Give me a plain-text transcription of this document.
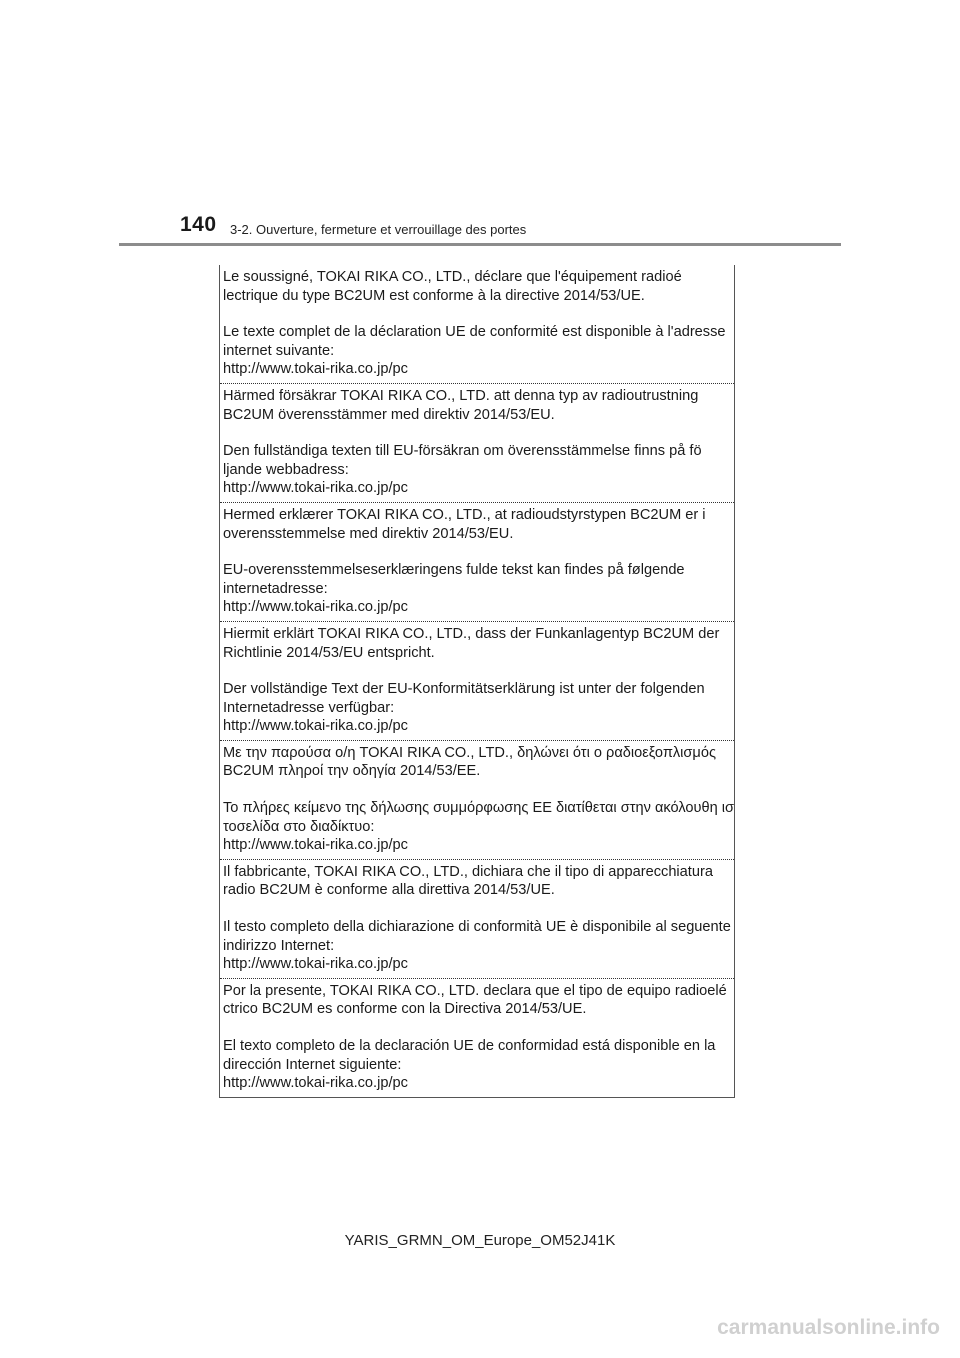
140 3-2. Ouverture, fermeture et verrouillage des portes
Le soussigné, TOKAI RIKA CO., LTD., déclare que l'équipement radioé
lectrique du type BC2UM est conforme à la directive 2014/53/UE.
Le texte complet de la déclaration UE de conformité est disponible à l'adresse
internet suivante:
http://www.tokai-rika.co.jp/pc
Härmed försäkrar TOKAI RIKA CO., LTD. att denna typ av radioutrustning
BC2UM överensstämmer med direktiv 2014/53/EU.
Den fullständiga texten till EU-försäkran om överensstämmelse finns på fö
ljande webbadress:
http://www.tokai-rika.co.jp/pc
Hermed erklærer TOKAI RIKA CO., LTD., at radioudstyrstypen BC2UM er i
overensstemmelse med direktiv 2014/53/EU.
EU-overensstemmelseserklæringens fulde tekst kan findes på følgende
internetadresse:
http://www.tokai-rika.co.jp/pc
Hiermit erklärt TOKAI RIKA CO., LTD., dass der Funkanlagentyp BC2UM der
Richtlinie 2014/53/EU entspricht.
Der vollständige Text der EU-Konformitätserklärung ist unter der folgenden
Internetadresse verfügbar:
http://www.tokai-rika.co.jp/pc
Με την παρούσα ο/η TOKAI RIKA CO., LTD., δηλώνει ότι ο ραδιοεξοπλισμός
BC2UM πληροί την οδηγία 2014/53/ΕΕ.
Το πλήρες κείμενο της δήλωσης συμμόρφωσης ΕΕ διατίθεται στην ακόλουθη ισ
τοσελίδα στο διαδίκτυο:
http://www.tokai-rika.co.jp/pc
Il fabbricante, TOKAI RIKA CO., LTD., dichiara che il tipo di apparecchiatura
radio BC2UM è conforme alla direttiva 2014/53/UE.
Il testo completo della dichiarazione di conformità UE è disponibile al seguente
indirizzo Internet:
http://www.tokai-rika.co.jp/pc
Por la presente, TOKAI RIKA CO., LTD. declara que el tipo de equipo radioelé
ctrico BC2UM es conforme con la Directiva 2014/53/UE.
El texto completo de la declaración UE de conformidad está disponible en la
dirección Internet siguiente:
http://www.tokai-rika.co.jp/pc
YARIS_GRMN_OM_Europe_OM52J41K
carmanualsonline.info
